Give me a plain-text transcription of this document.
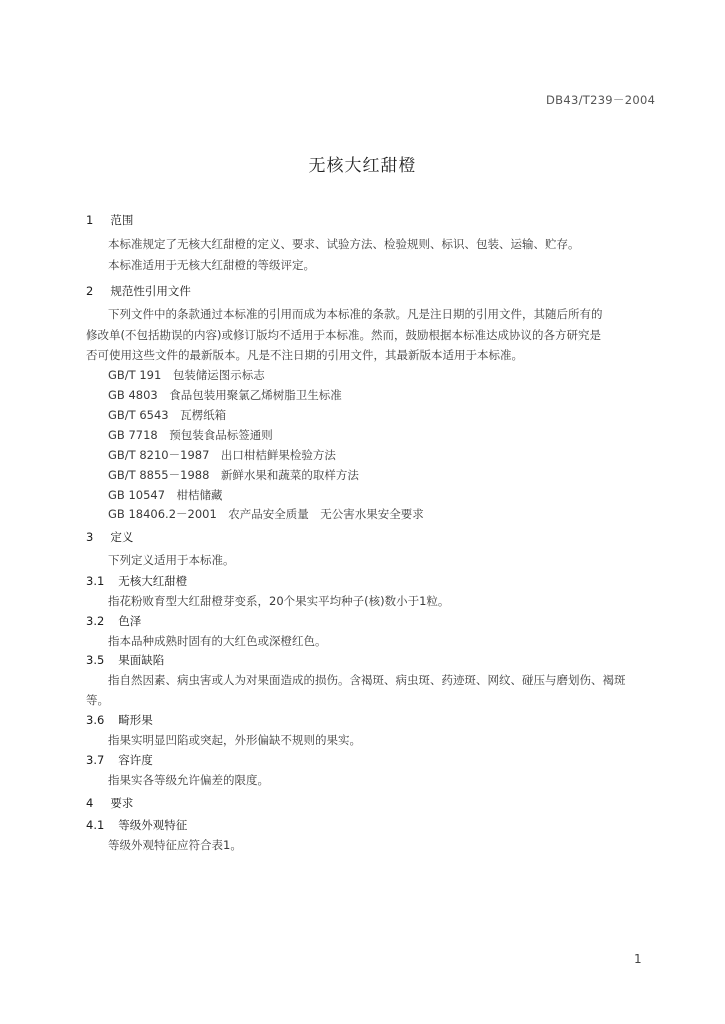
DB43/T239－2004
无核大红甜橙
1 范围
本标准规定了无核大红甜橙的定义、要求、试验方法、检验规则、标识、包装、运输、贮存。
本标准适用于无核大红甜橙的等级评定。
2 规范性引用文件
下列文件中的条款通过本标准的引用而成为本标准的条款。凡是注日期的引用文件，其随后所有的
修改单(不包括勘误的内容)或修订版均不适用于本标准。然而，鼓励根据本标准达成协议的各方研究是
否可使用这些文件的最新版本。凡是不注日期的引用文件，其最新版本适用于本标准。
GB/T 191　 包装储运图示标志
GB 4803　 食品包装用聚氯乙烯树脂卫生标准
GB/T 6543　 瓦楞纸箱
GB 7718　 预包装食品标签通则
GB/T 8210－1987　 出口柑桔鲜果检验方法
GB/T 8855－1988　 新鲜水果和蔬菜的取样方法
GB 10547　 柑桔储藏
GB 18406.2－2001　 农产品安全质量　无公害水果安全要求
3 定义
下列定义适用于本标准。
3.1 无核大红甜橙
指花粉败育型大红甜橙芽变系，20个果实平均种子(核)数小于1粒。
3.2 色泽
指本品种成熟时固有的大红色或深橙红色。
3.5 果面缺陷
指自然因素、病虫害或人为对果面造成的损伤。含褐斑、病虫斑、药迹斑、网纹、碰压与磨划伤、褐斑
等。
3.6 畸形果
指果实明显凹陷或突起，外形偏缺不规则的果实。
3.7 容许度
指果实各等级允许偏差的限度。
4 要求
4.1 等级外观特征
等级外观特征应符合表1。
1
